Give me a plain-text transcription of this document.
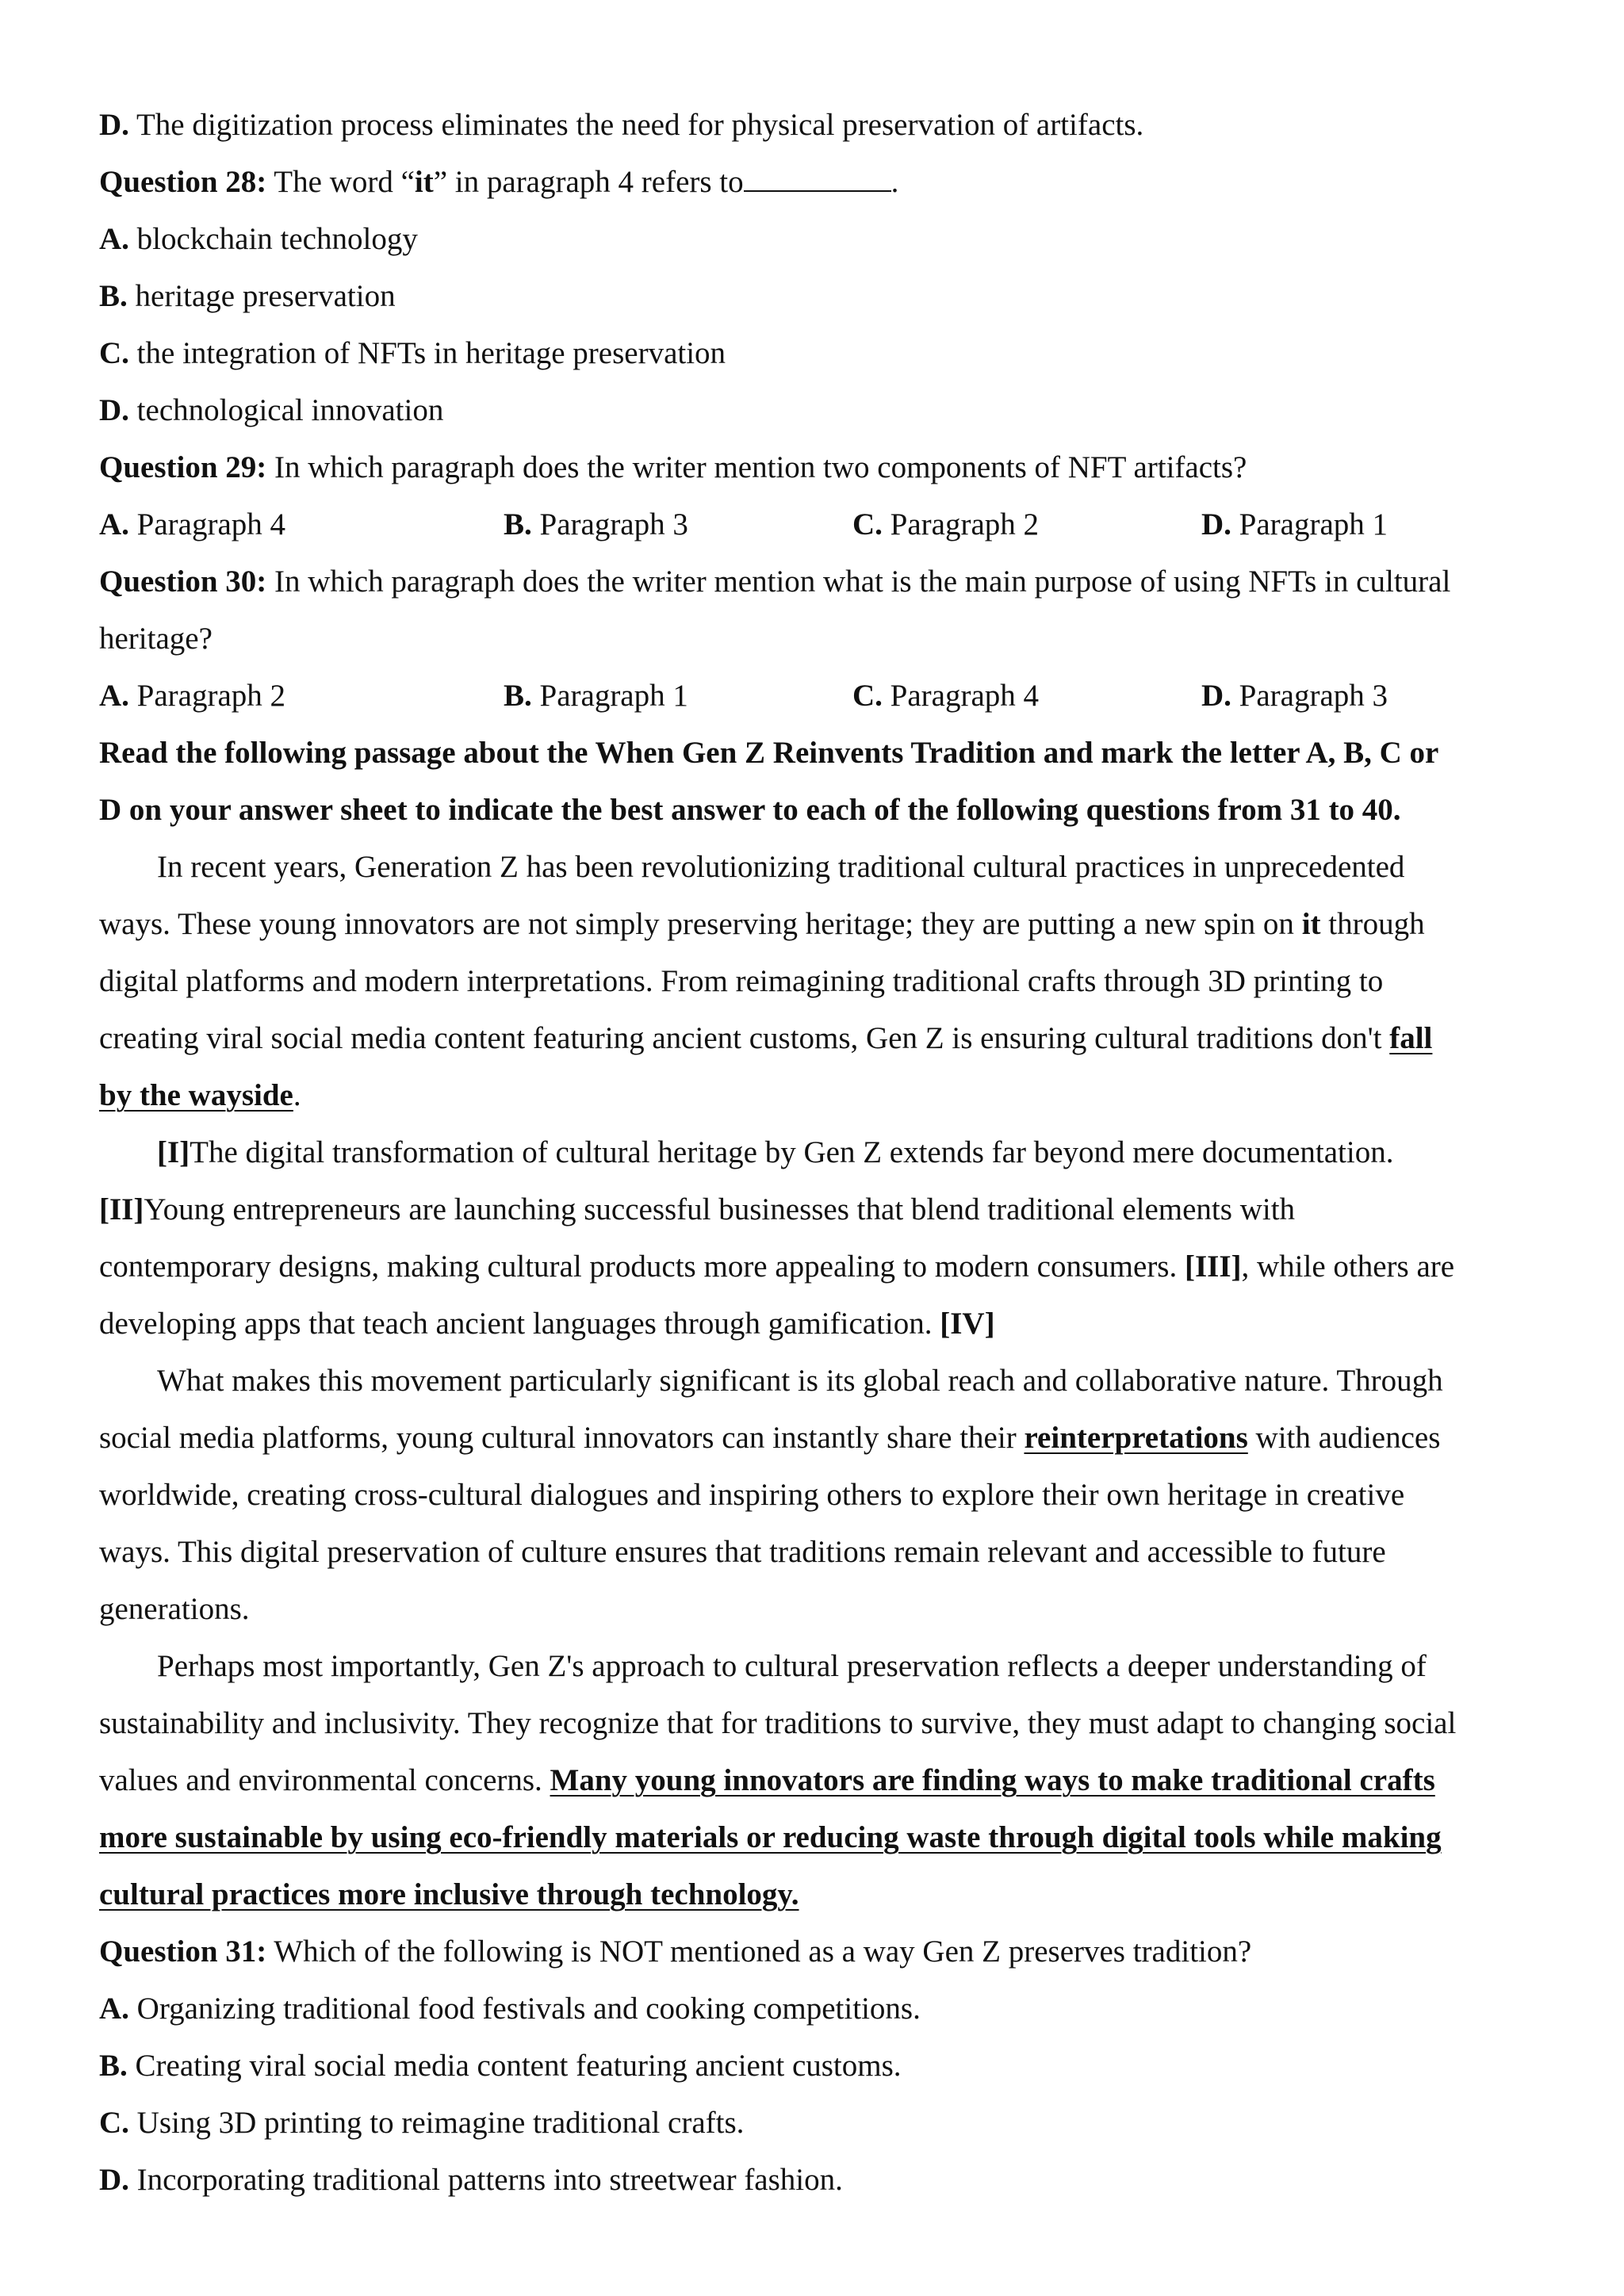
D. The digitization process eliminates the need for physical preservation of artifacts.
Question 28: The word “it” in paragraph 4 refers to	.
A. blockchain technology
B. heritage preservation
C. the integration of NFTs in heritage preservation
D. technological innovation
Question 29: In which paragraph does the writer mention two components of NFT artifacts?
A. Paragraph 4	B. Paragraph 3	C. Paragraph 2	D. Paragraph 1
Question 30: In which paragraph does the writer mention what is the main purpose of using NFTs in cultural
heritage?
A. Paragraph 2	B. Paragraph 1	C. Paragraph 4	D. Paragraph 3
Read the following passage about the When Gen Z Reinvents Tradition and mark the letter A, B, C or
D on your answer sheet to indicate the best answer to each of the following questions from 31 to 40.
In recent years, Generation Z has been revolutionizing traditional cultural practices in unprecedented
ways. These young innovators are not simply preserving heritage; they are putting a new spin on it through
digital platforms and modern interpretations. From reimagining traditional crafts through 3D printing to
creating viral social media content featuring ancient customs, Gen Z is ensuring cultural traditions don't fall
by the wayside.
[I]The digital transformation of cultural heritage by Gen Z extends far beyond mere documentation.
[II]Young entrepreneurs are launching successful businesses that blend traditional elements with
contemporary designs, making cultural products more appealing to modern consumers. [III], while others are
developing apps that teach ancient languages through gamification. [IV]
What makes this movement particularly significant is its global reach and collaborative nature. Through
social media platforms, young cultural innovators can instantly share their reinterpretations with audiences
worldwide, creating cross-cultural dialogues and inspiring others to explore their own heritage in creative
ways. This digital preservation of culture ensures that traditions remain relevant and accessible to future
generations.
Perhaps most importantly, Gen Z's approach to cultural preservation reflects a deeper understanding of
sustainability and inclusivity. They recognize that for traditions to survive, they must adapt to changing social
values and environmental concerns. Many young innovators are finding ways to make traditional crafts
more sustainable by using eco-friendly materials or reducing waste through digital tools while making
cultural practices more inclusive through technology.
Question 31: Which of the following is NOT mentioned as a way Gen Z preserves tradition?
A. Organizing traditional food festivals and cooking competitions.
B. Creating viral social media content featuring ancient customs.
C. Using 3D printing to reimagine traditional crafts.
D. Incorporating traditional patterns into streetwear fashion.
